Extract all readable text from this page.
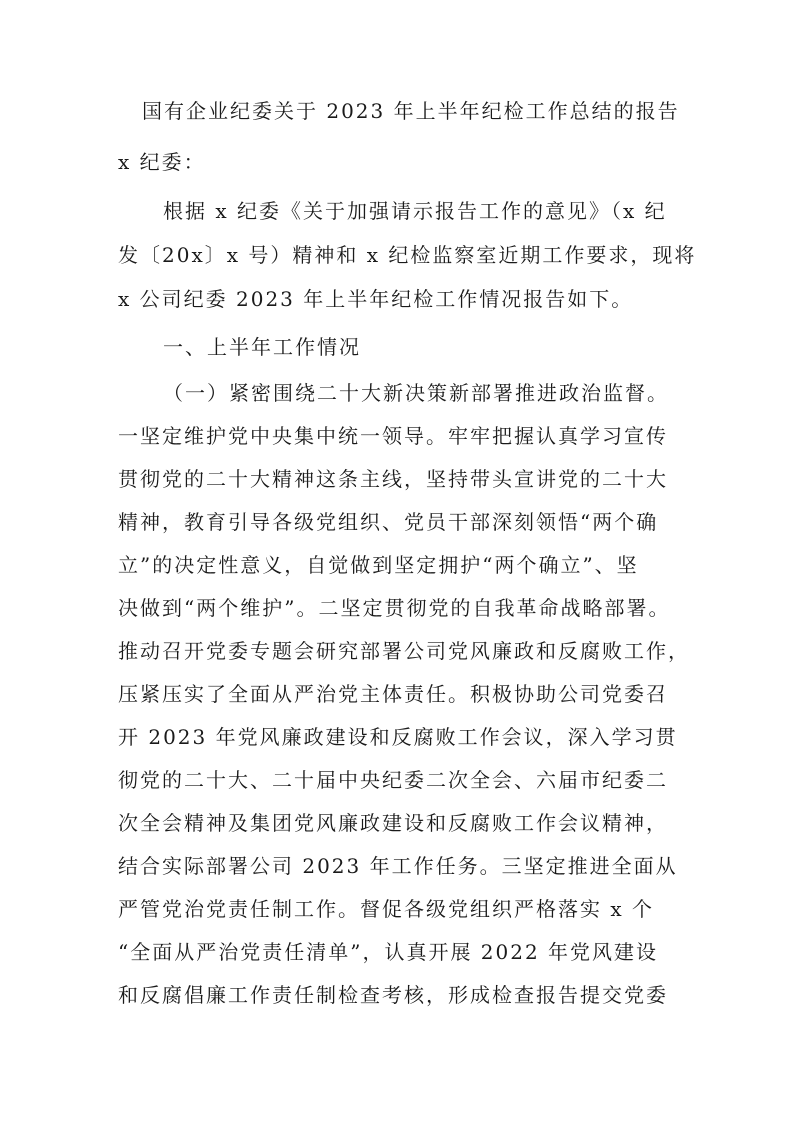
国有企业纪委关于 2023 年上半年纪检工作总结的报告
x 纪委：
根据 x 纪委《关于加强请示报告工作的意见》（x 纪
发〔20x〕x 号）精神和 x 纪检监察室近期工作要求，现将
x 公司纪委 2023 年上半年纪检工作情况报告如下。
一、上半年工作情况
（一）紧密围绕二十大新决策新部署推进政治监督。
一坚定维护党中央集中统一领导。牢牢把握认真学习宣传
贯彻党的二十大精神这条主线，坚持带头宣讲党的二十大
精神，教育引导各级党组织、党员干部深刻领悟“两个确
立”的决定性意义，自觉做到坚定拥护“两个确立”、坚
决做到“两个维护”。二坚定贯彻党的自我革命战略部署。
推动召开党委专题会研究部署公司党风廉政和反腐败工作，
压紧压实了全面从严治党主体责任。积极协助公司党委召
开 2023 年党风廉政建设和反腐败工作会议，深入学习贯
彻党的二十大、二十届中央纪委二次全会、六届市纪委二
次全会精神及集团党风廉政建设和反腐败工作会议精神，
结合实际部署公司 2023 年工作任务。三坚定推进全面从
严管党治党责任制工作。督促各级党组织严格落实 x 个
“全面从严治党责任清单”，认真开展 2022 年党风建设
和反腐倡廉工作责任制检查考核，形成检查报告提交党委
